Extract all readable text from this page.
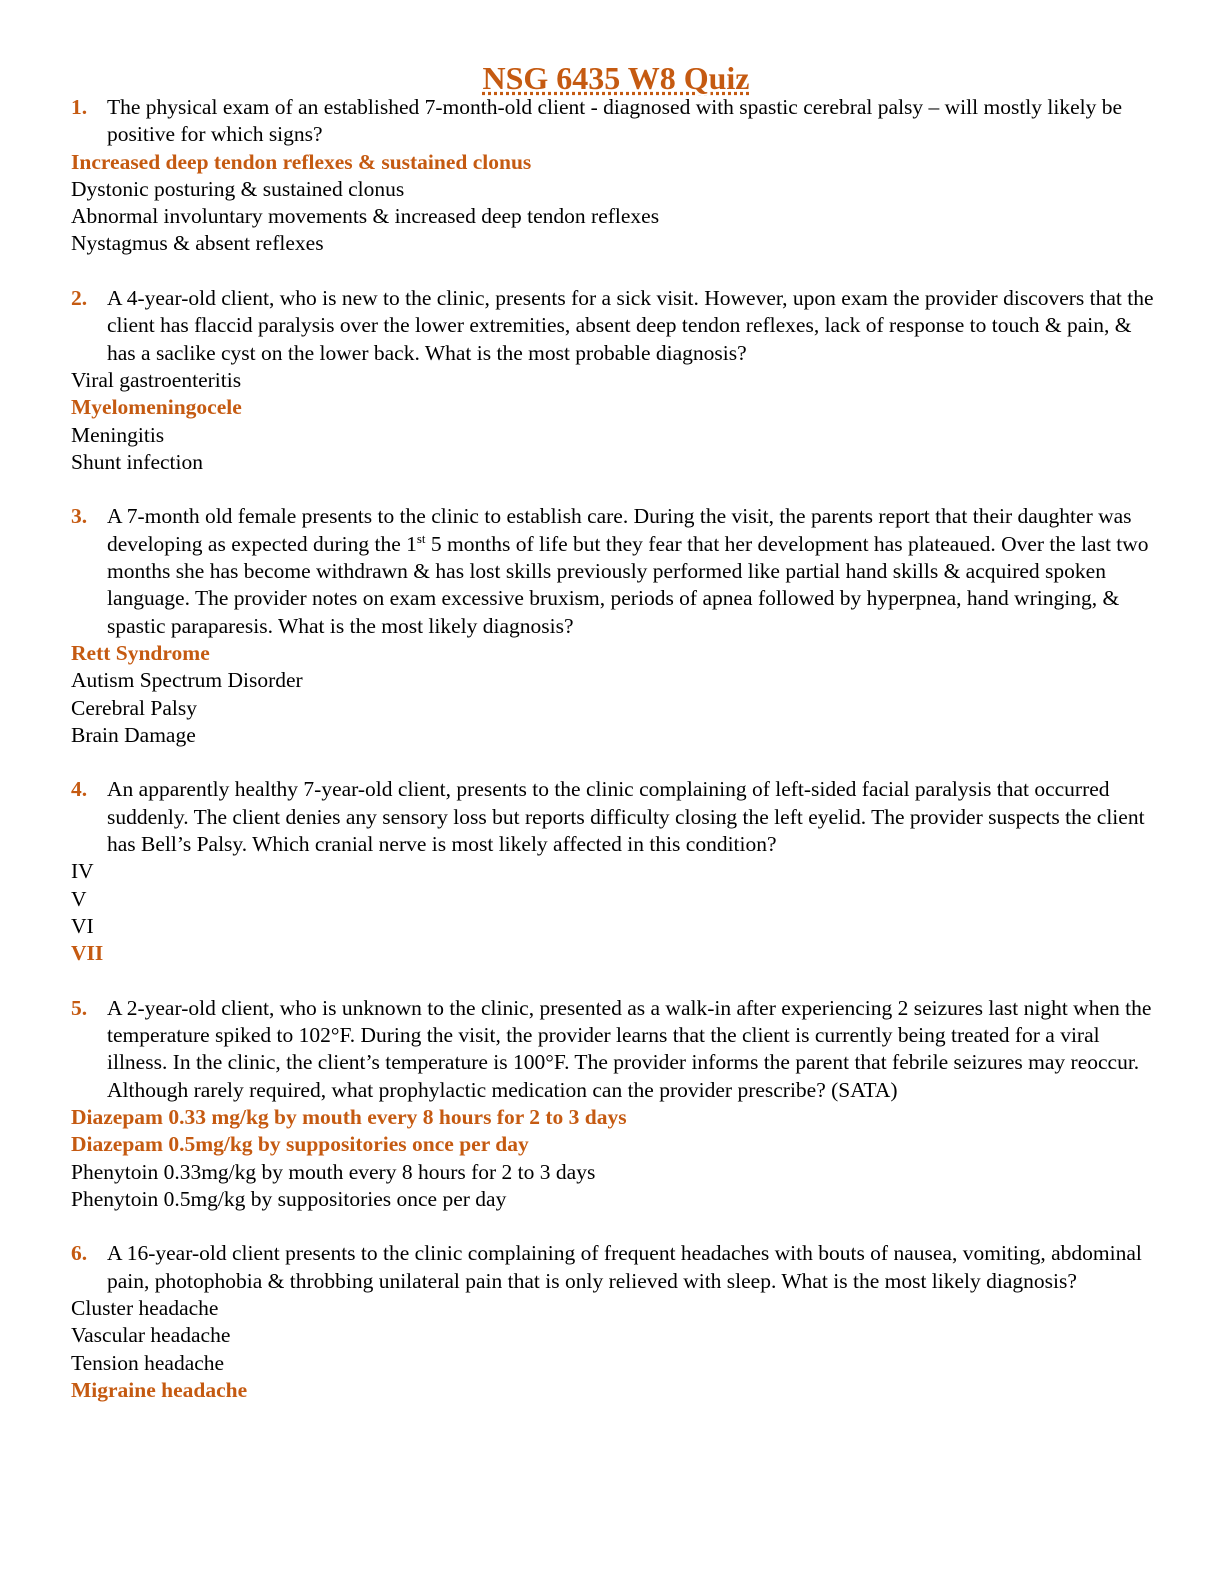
NSG 6435 W8 Quiz
1. The physical exam of an established 7-month-old client - diagnosed with spastic cerebral palsy – will mostly likely be positive for which signs?
Increased deep tendon reflexes & sustained clonus
Dystonic posturing & sustained clonus
Abnormal involuntary movements & increased deep tendon reflexes
Nystagmus & absent reflexes
2. A 4-year-old client, who is new to the clinic, presents for a sick visit. However, upon exam the provider discovers that the client has flaccid paralysis over the lower extremities, absent deep tendon reflexes, lack of response to touch & pain, & has a saclike cyst on the lower back. What is the most probable diagnosis?
Viral gastroenteritis
Myelomeningocele
Meningitis
Shunt infection
3. A 7-month old female presents to the clinic to establish care. During the visit, the parents report that their daughter was developing as expected during the 1st 5 months of life but they fear that her development has plateaued. Over the last two months she has become withdrawn & has lost skills previously performed like partial hand skills & acquired spoken language. The provider notes on exam excessive bruxism, periods of apnea followed by hyperpnea, hand wringing, & spastic paraparesis. What is the most likely diagnosis?
Rett Syndrome
Autism Spectrum Disorder
Cerebral Palsy
Brain Damage
4. An apparently healthy 7-year-old client, presents to the clinic complaining of left-sided facial paralysis that occurred suddenly. The client denies any sensory loss but reports difficulty closing the left eyelid. The provider suspects the client has Bell’s Palsy. Which cranial nerve is most likely affected in this condition?
IV
V
VI
VII
5. A 2-year-old client, who is unknown to the clinic, presented as a walk-in after experiencing 2 seizures last night when the temperature spiked to 102°F. During the visit, the provider learns that the client is currently being treated for a viral illness. In the clinic, the client’s temperature is 100°F. The provider informs the parent that febrile seizures may reoccur. Although rarely required, what prophylactic medication can the provider prescribe? (SATA)
Diazepam 0.33 mg/kg by mouth every 8 hours for 2 to 3 days
Diazepam 0.5mg/kg by suppositories once per day
Phenytoin 0.33mg/kg by mouth every 8 hours for 2 to 3 days
Phenytoin 0.5mg/kg by suppositories once per day
6. A 16-year-old client presents to the clinic complaining of frequent headaches with bouts of nausea, vomiting, abdominal pain, photophobia & throbbing unilateral pain that is only relieved with sleep. What is the most likely diagnosis?
Cluster headache
Vascular headache
Tension headache
Migraine headache
